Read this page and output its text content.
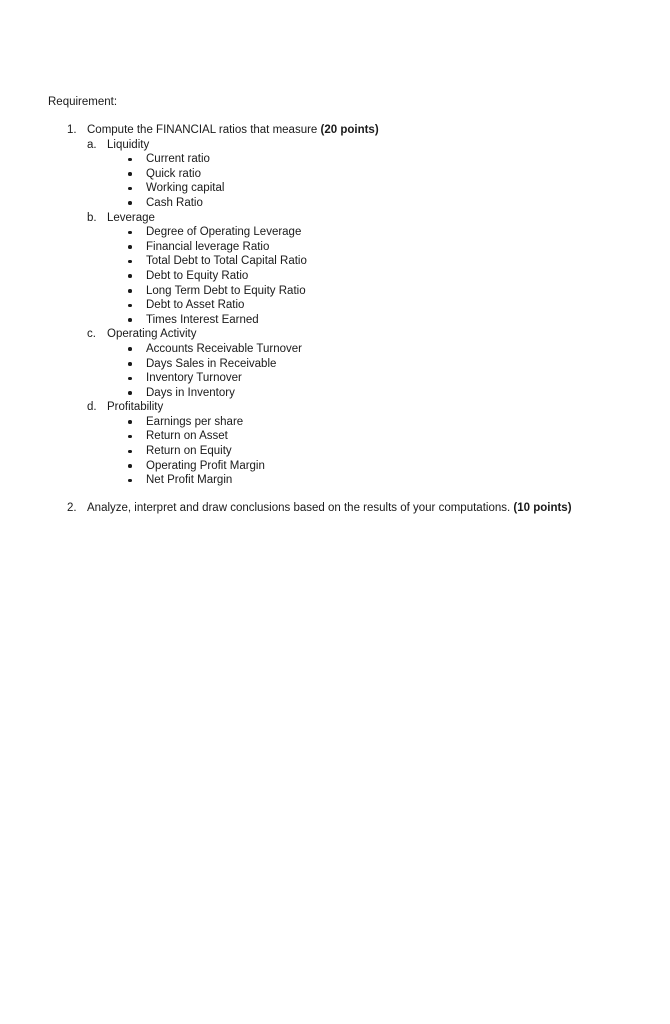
Requirement:

1. Compute the FINANCIAL ratios that measure (20 points)
a. Liquidity
Current ratio
Quick ratio
Working capital
Cash Ratio
b. Leverage
Degree of Operating Leverage
Financial leverage Ratio
Total Debt to Total Capital Ratio
Debt to Equity Ratio
Long Term Debt to Equity Ratio
Debt to Asset Ratio
Times Interest Earned
c. Operating Activity
Accounts Receivable Turnover
Days Sales in Receivable
Inventory Turnover
Days in Inventory
d. Profitability
Earnings per share
Return on Asset
Return on Equity
Operating Profit Margin
Net Profit Margin
2. Analyze, interpret and draw conclusions based on the results of your computations. (10 points)
